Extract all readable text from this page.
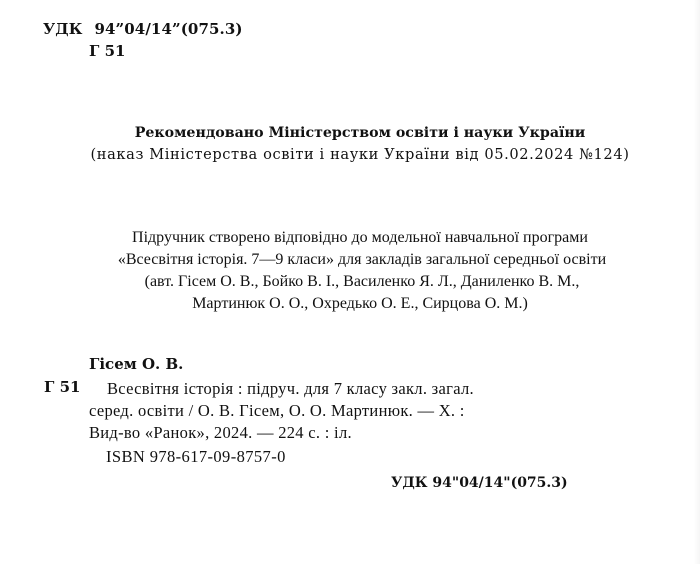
УДК 94”04/14”(075.3)
Г 51
Рекомендовано Міністерством освіти і науки України
(наказ Міністерства освіти і науки України від 05.02.2024 №124)
Підручник створено відповідно до модельної навчальної програми
«Всесвітня історія. 7—9 класи» для закладів загальної середньої освіти
(авт. Гісем О. В., Бойко В. І., Василенко Я. Л., Даниленко В. М.,
Мартинюк О. О., Охредько О. Е., Сирцова О. М.)
Гісем О. В.
Г 51 Всесвітня історія : підруч. для 7 класу закл. загал.
серед. освіти / О. В. Гісем, О. О. Мартинюк. — Х. :
Вид-во «Ранок», 2024. — 224 с. : іл.
ISBN 978-617-09-8757-0
УДК 94"04/14"(075.3)
